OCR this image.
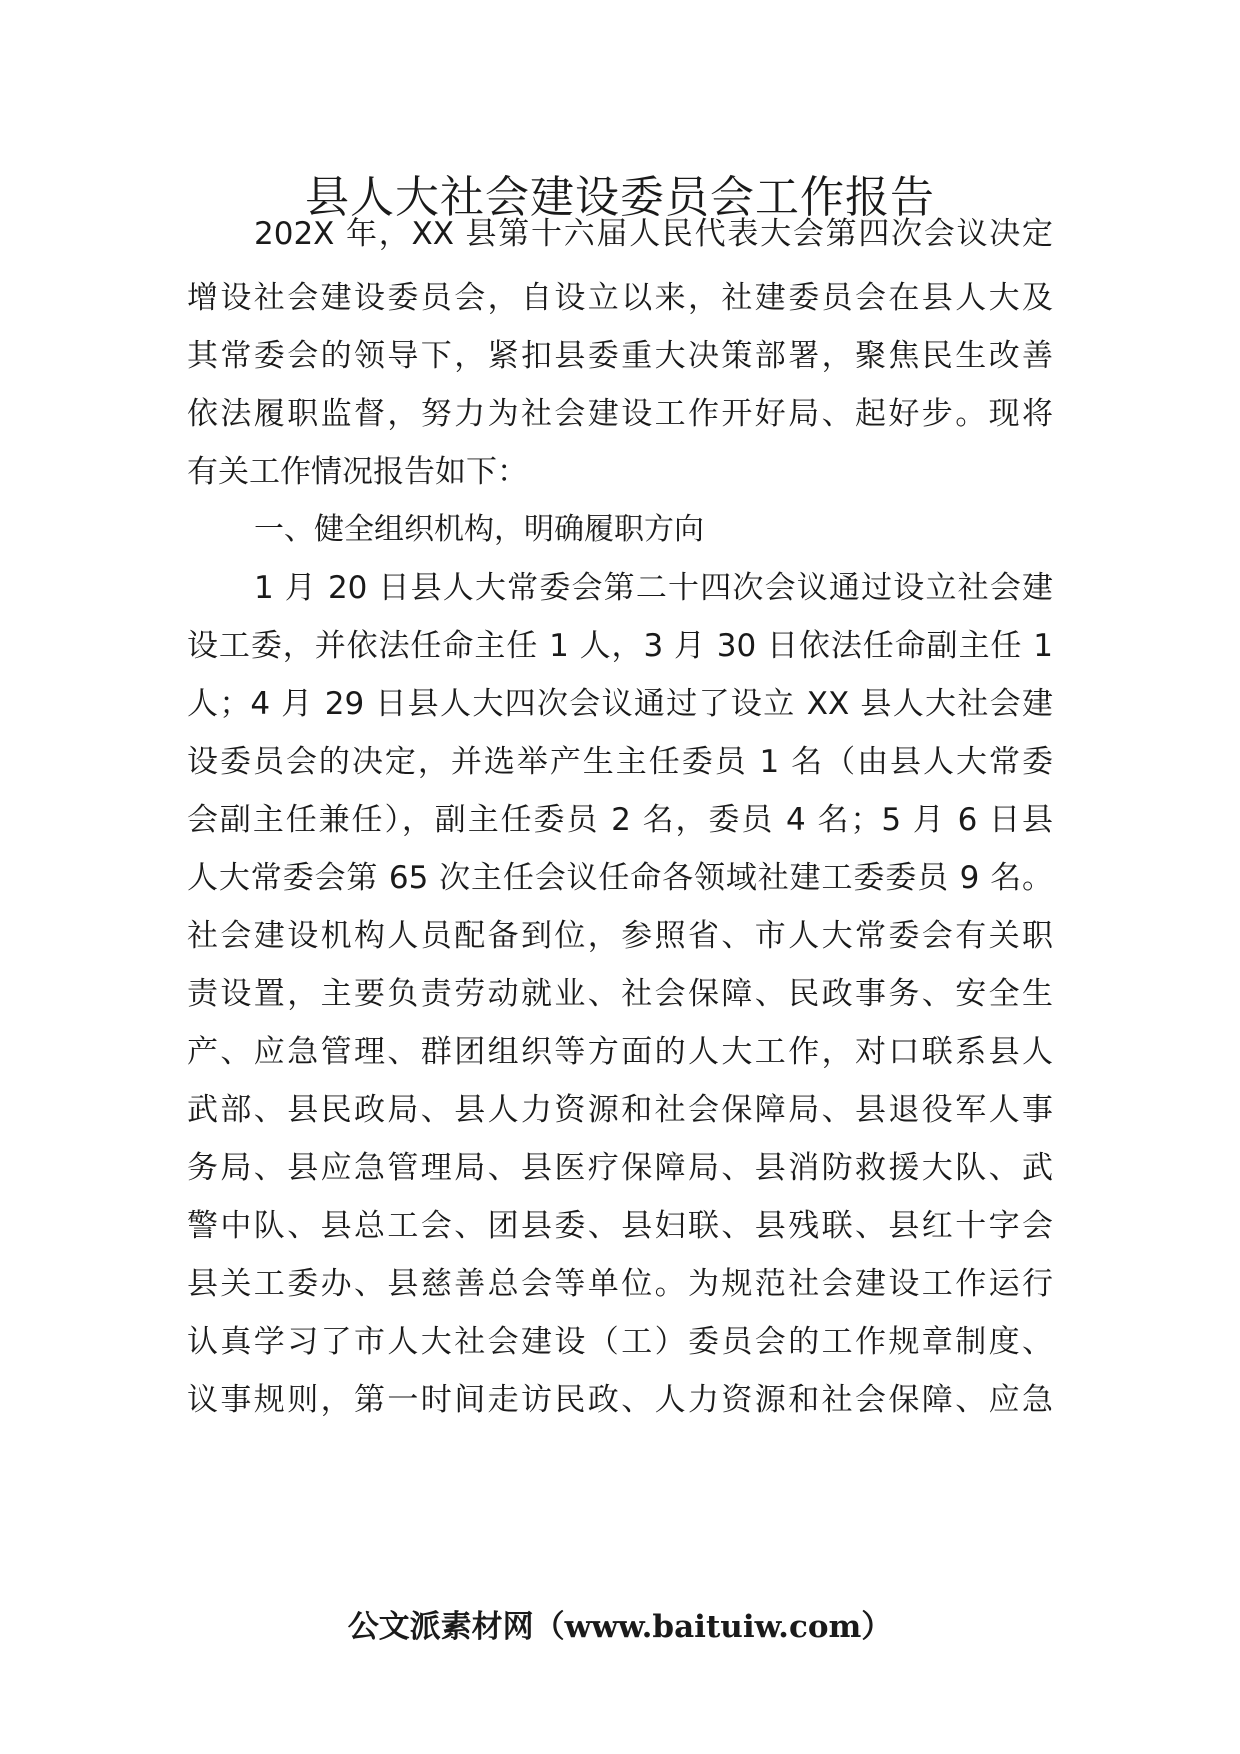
县人大社会建设委员会工作报告
202X 年，XX 县第十六届人民代表大会第四次会议决定
增设社会建设委员会，自设立以来，社建委员会在县人大及
其常委会的领导下，紧扣县委重大决策部署，聚焦民生改善
依法履职监督，努力为社会建设工作开好局、起好步。现将
有关工作情况报告如下：
一、健全组织机构，明确履职方向
1 月 20 日县人大常委会第二十四次会议通过设立社会建
设工委，并依法任命主任 1 人，3 月 30 日依法任命副主任 1
人；4 月 29 日县人大四次会议通过了设立 XX 县人大社会建
设委员会的决定，并选举产生主任委员 1 名（由县人大常委
会副主任兼任），副主任委员 2 名，委员 4 名；5 月 6 日县
人大常委会第 65 次主任会议任命各领域社建工委委员 9 名。
社会建设机构人员配备到位，参照省、市人大常委会有关职
责设置，主要负责劳动就业、社会保障、民政事务、安全生
产、应急管理、群团组织等方面的人大工作，对口联系县人
武部、县民政局、县人力资源和社会保障局、县退役军人事
务局、县应急管理局、县医疗保障局、县消防救援大队、武
警中队、县总工会、团县委、县妇联、县残联、县红十字会
县关工委办、县慈善总会等单位。为规范社会建设工作运行
认真学习了市人大社会建设（工）委员会的工作规章制度、
议事规则，第一时间走访民政、人力资源和社会保障、应急
公文派素材网（www.baituiw.com）
